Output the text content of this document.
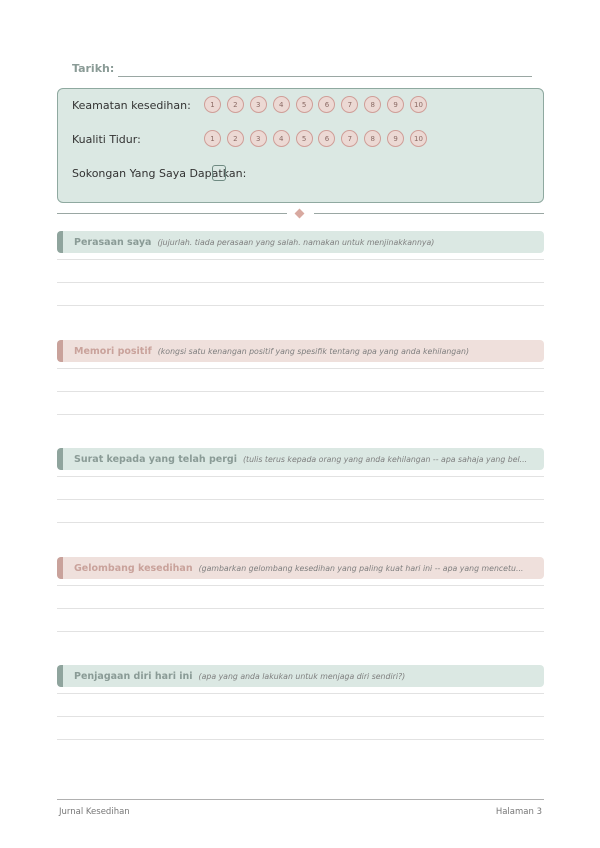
Tarikh:
Keamatan kesedihan:	1	2	3	4	5	6	7	8	9	10
Kualiti Tidur:	1	2	3	4	5	6	7	8	9	10
Sokongan Yang Saya Dapatkan:
Perasaan saya (jujurlah. tiada perasaan yang salah. namakan untuk menjinakkannya)
Memori positif (kongsi satu kenangan positif yang spesifik tentang apa yang anda kehilangan)
Surat kepada yang telah pergi (tulis terus kepada orang yang anda kehilangan -- apa sahaja yang bel...
Gelombang kesedihan (gambarkan gelombang kesedihan yang paling kuat hari ini -- apa yang mencetu...
Penjagaan diri hari ini (apa yang anda lakukan untuk menjaga diri sendiri?)
Jurnal Kesedihan	Halaman 3
